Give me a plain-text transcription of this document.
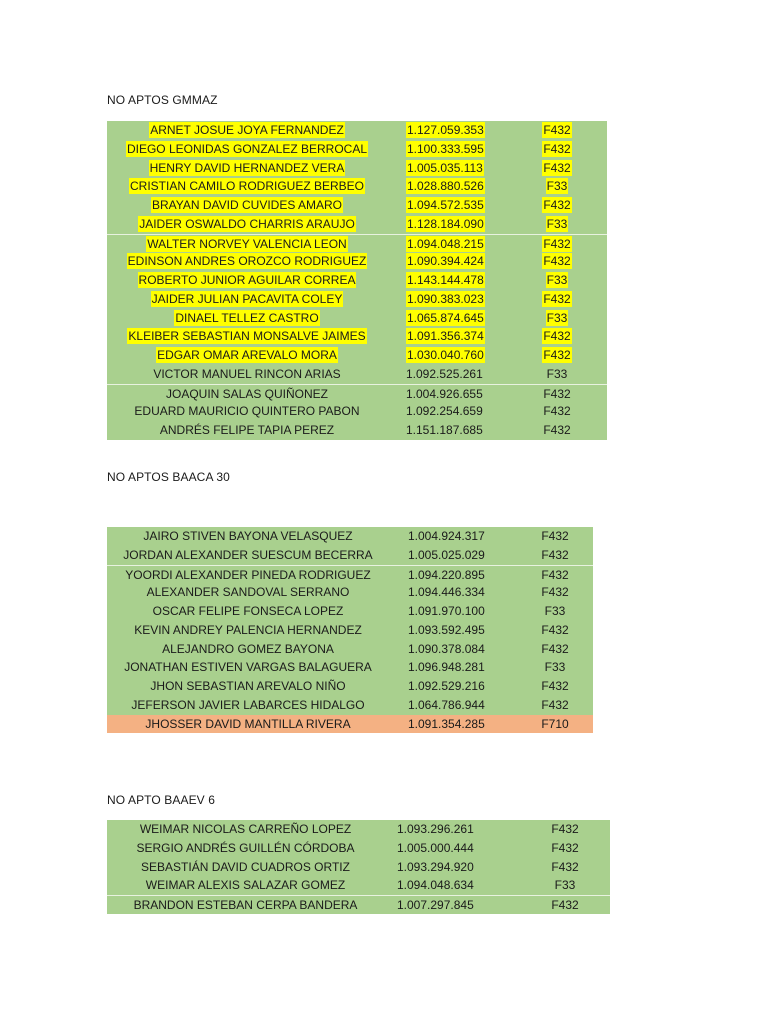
NO APTOS GMMAZ
ARNET JOSUE JOYA FERNANDEZ	1.127.059.353	F432
DIEGO LEONIDAS GONZALEZ BERROCAL	1.100.333.595	F432
HENRY DAVID HERNANDEZ VERA	1.005.035.113	F432
CRISTIAN CAMILO RODRIGUEZ BERBEO	1.028.880.526	F33
BRAYAN DAVID CUVIDES AMARO	1.094.572.535	F432
JAIDER OSWALDO CHARRIS ARAUJO	1.128.184.090	F33
WALTER NORVEY VALENCIA LEON	1.094.048.215	F432
EDINSON ANDRES OROZCO RODRIGUEZ	1.090.394.424	F432
ROBERTO JUNIOR AGUILAR CORREA	1.143.144.478	F33
JAIDER JULIAN PACAVITA COLEY	1.090.383.023	F432
DINAEL TELLEZ CASTRO	1.065.874.645	F33
KLEIBER SEBASTIAN MONSALVE JAIMES	1.091.356.374	F432
EDGAR OMAR AREVALO MORA	1.030.040.760	F432
VICTOR MANUEL RINCON ARIAS	1.092.525.261	F33
JOAQUIN SALAS QUIÑONEZ	1.004.926.655	F432
EDUARD MAURICIO QUINTERO PABON	1.092.254.659	F432
ANDRÉS FELIPE TAPIA PEREZ	1.151.187.685	F432
NO APTOS BAACA 30
JAIRO STIVEN BAYONA VELASQUEZ	1.004.924.317	F432
JORDAN ALEXANDER SUESCUM BECERRA	1.005.025.029	F432
YOORDI ALEXANDER PINEDA RODRIGUEZ	1.094.220.895	F432
ALEXANDER SANDOVAL SERRANO	1.094.446.334	F432
OSCAR FELIPE FONSECA LOPEZ	1.091.970.100	F33
KEVIN ANDREY PALENCIA HERNANDEZ	1.093.592.495	F432
ALEJANDRO GOMEZ BAYONA	1.090.378.084	F432
JONATHAN ESTIVEN VARGAS BALAGUERA	1.096.948.281	F33
JHON SEBASTIAN AREVALO NIÑO	1.092.529.216	F432
JEFERSON JAVIER LABARCES HIDALGO	1.064.786.944	F432
JHOSSER DAVID MANTILLA RIVERA	1.091.354.285	F710
NO APTO BAAEV 6
WEIMAR NICOLAS CARREÑO LOPEZ	1.093.296.261	F432
SERGIO ANDRÉS GUILLÉN CÓRDOBA	1.005.000.444	F432
SEBASTIÁN DAVID CUADROS ORTIZ	1.093.294.920	F432
WEIMAR ALEXIS SALAZAR GOMEZ	1.094.048.634	F33
BRANDON ESTEBAN CERPA BANDERA	1.007.297.845	F432
